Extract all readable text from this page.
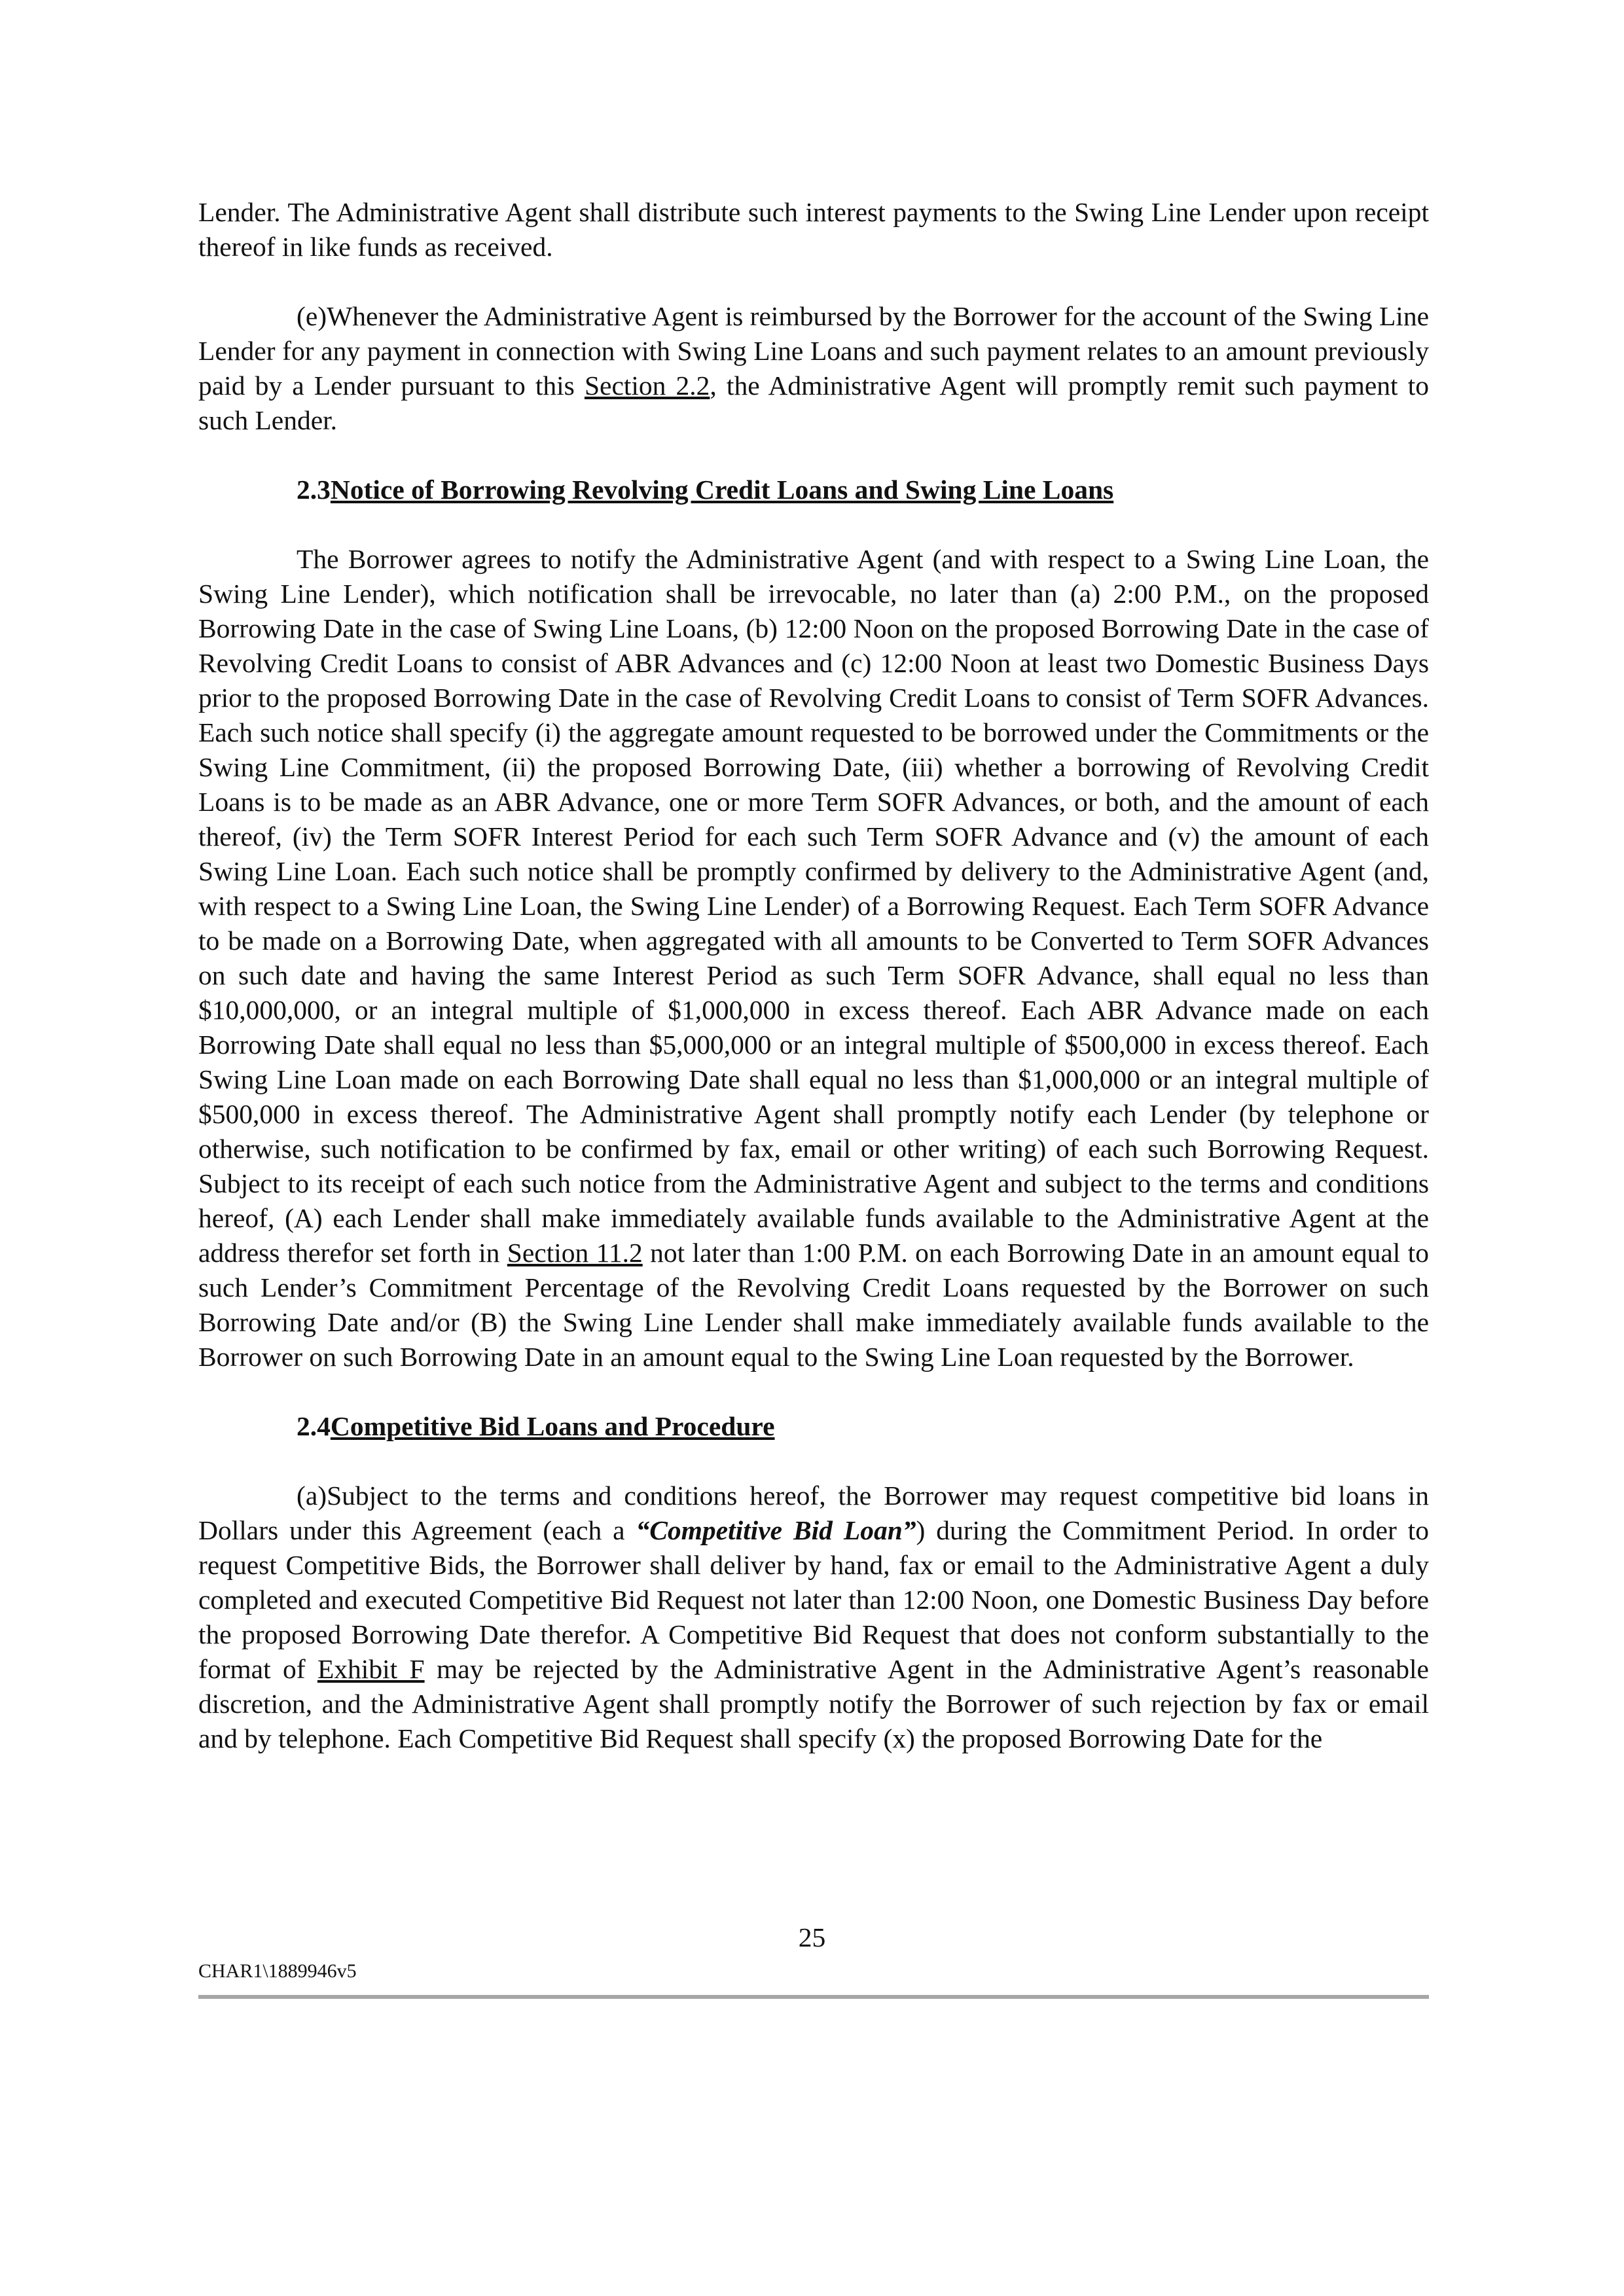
Lender. The Administrative Agent shall distribute such interest payments to the Swing Line Lender upon receipt thereof in like funds as received.

(e)Whenever the Administrative Agent is reimbursed by the Borrower for the account of the Swing Line Lender for any payment in connection with Swing Line Loans and such payment relates to an amount previously paid by a Lender pursuant to this Section 2.2, the Administrative Agent will promptly remit such payment to such Lender.

2.3Notice of Borrowing Revolving Credit Loans and Swing Line Loans

The Borrower agrees to notify the Administrative Agent (and with respect to a Swing Line Loan, the Swing Line Lender), which notification shall be irrevocable, no later than (a) 2:00 P.M., on the proposed Borrowing Date in the case of Swing Line Loans, (b) 12:00 Noon on the proposed Borrowing Date in the case of Revolving Credit Loans to consist of ABR Advances and (c) 12:00 Noon at least two Domestic Business Days prior to the proposed Borrowing Date in the case of Revolving Credit Loans to consist of Term SOFR Advances. Each such notice shall specify (i) the aggregate amount requested to be borrowed under the Commitments or the Swing Line Commitment, (ii) the proposed Borrowing Date, (iii) whether a borrowing of Revolving Credit Loans is to be made as an ABR Advance, one or more Term SOFR Advances, or both, and the amount of each thereof, (iv) the Term SOFR Interest Period for each such Term SOFR Advance and (v) the amount of each Swing Line Loan. Each such notice shall be promptly confirmed by delivery to the Administrative Agent (and, with respect to a Swing Line Loan, the Swing Line Lender) of a Borrowing Request. Each Term SOFR Advance to be made on a Borrowing Date, when aggregated with all amounts to be Converted to Term SOFR Advances on such date and having the same Interest Period as such Term SOFR Advance, shall equal no less than $10,000,000, or an integral multiple of $1,000,000 in excess thereof. Each ABR Advance made on each Borrowing Date shall equal no less than $5,000,000 or an integral multiple of $500,000 in excess thereof. Each Swing Line Loan made on each Borrowing Date shall equal no less than $1,000,000 or an integral multiple of $500,000 in excess thereof. The Administrative Agent shall promptly notify each Lender (by telephone or otherwise, such notification to be confirmed by fax, email or other writing) of each such Borrowing Request. Subject to its receipt of each such notice from the Administrative Agent and subject to the terms and conditions hereof, (A) each Lender shall make immediately available funds available to the Administrative Agent at the address therefor set forth in Section 11.2 not later than 1:00 P.M. on each Borrowing Date in an amount equal to such Lender’s Commitment Percentage of the Revolving Credit Loans requested by the Borrower on such Borrowing Date and/or (B) the Swing Line Lender shall make immediately available funds available to the Borrower on such Borrowing Date in an amount equal to the Swing Line Loan requested by the Borrower.

2.4Competitive Bid Loans and Procedure

(a)Subject to the terms and conditions hereof, the Borrower may request competitive bid loans in Dollars under this Agreement (each a “Competitive Bid Loan”) during the Commitment Period. In order to request Competitive Bids, the Borrower shall deliver by hand, fax or email to the Administrative Agent a duly completed and executed Competitive Bid Request not later than 12:00 Noon, one Domestic Business Day before the proposed Borrowing Date therefor. A Competitive Bid Request that does not conform substantially to the format of Exhibit F may be rejected by the Administrative Agent in the Administrative Agent’s reasonable discretion, and the Administrative Agent shall promptly notify the Borrower of such rejection by fax or email and by telephone. Each Competitive Bid Request shall specify (x) the proposed Borrowing Date for the

25
CHAR1\1889946v5
